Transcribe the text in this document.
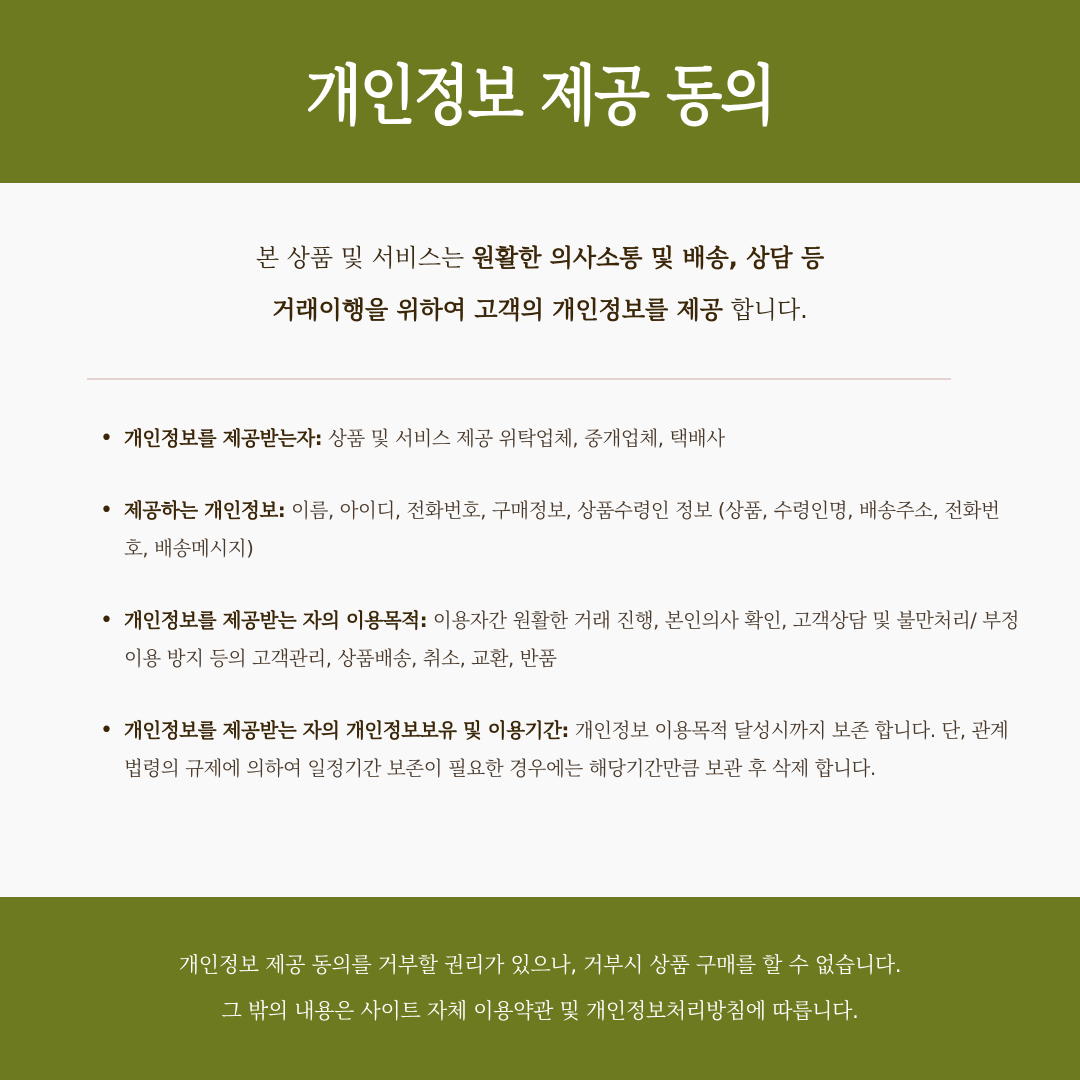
개인정보 제공 동의
본 상품 및 서비스는 원활한 의사소통 및 배송, 상담 등
거래이행을 위하여 고객의 개인정보를 제공 합니다.
• 개인정보를 제공받는자: 상품 및 서비스 제공 위탁업체, 중개업체, 택배사
• 제공하는 개인정보: 이름, 아이디, 전화번호, 구매정보, 상품수령인 정보 (상품, 수령인명, 배송주소, 전화번호, 배송메시지)
• 개인정보를 제공받는 자의 이용목적: 이용자간 원활한 거래 진행, 본인의사 확인, 고객상담 및 불만처리/ 부정이용 방지 등의 고객관리, 상품배송, 취소, 교환, 반품
• 개인정보를 제공받는 자의 개인정보보유 및 이용기간: 개인정보 이용목적 달성시까지 보존 합니다. 단, 관계법령의 규제에 의하여 일정기간 보존이 필요한 경우에는 해당기간만큼 보관 후 삭제 합니다.
개인정보 제공 동의를 거부할 권리가 있으나, 거부시 상품 구매를 할 수 없습니다.
그 밖의 내용은 사이트 자체 이용약관 및 개인정보처리방침에 따릅니다.
